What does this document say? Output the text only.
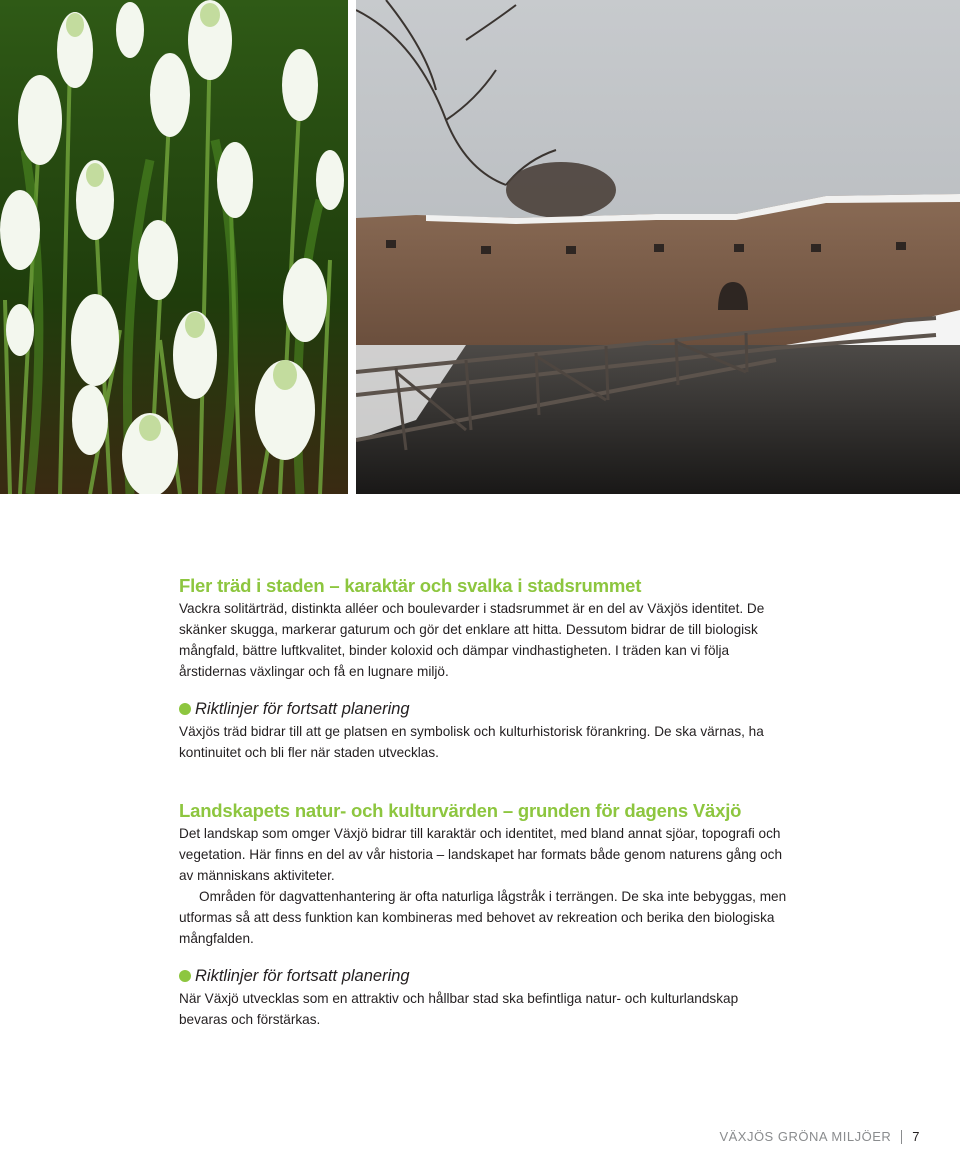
Fler träd i staden – karaktär och svalka i stadsrummet

Vackra solitärträd, distinkta alléer och boulevarder i stadsrummet är en del av Växjös identitet. De skänker skugga, markerar gaturum och gör det enklare att hitta. Dessutom bidrar de till biologisk mångfald, bättre luftkvalitet, binder koloxid och dämpar vindhastigheten. I träden kan vi följa årstidernas växlingar och få en lugnare miljö.

Riktlinjer för fortsatt planering

Växjös träd bidrar till att ge platsen en symbolisk och kulturhistorisk förankring. De ska värnas, ha kontinuitet och bli fler när staden utvecklas.

Landskapets natur- och kulturvärden – grunden för dagens Växjö

Det landskap som omger Växjö bidrar till karaktär och identitet, med bland annat sjöar, topografi och vegetation. Här finns en del av vår historia – landskapet har formats både genom naturens gång och av människans aktiviteter.

Områden för dagvattenhantering är ofta naturliga lågstråk i terrängen. De ska inte bebyggas, men utformas så att dess funktion kan kombineras med behovet av rekreation och berika den biologiska mångfalden.

Riktlinjer för fortsatt planering

När Växjö utvecklas som en attraktiv och hållbar stad ska befintliga natur- och kulturlandskap bevaras och förstärkas.

VÄXJÖS GRÖNA MILJÖER 7
